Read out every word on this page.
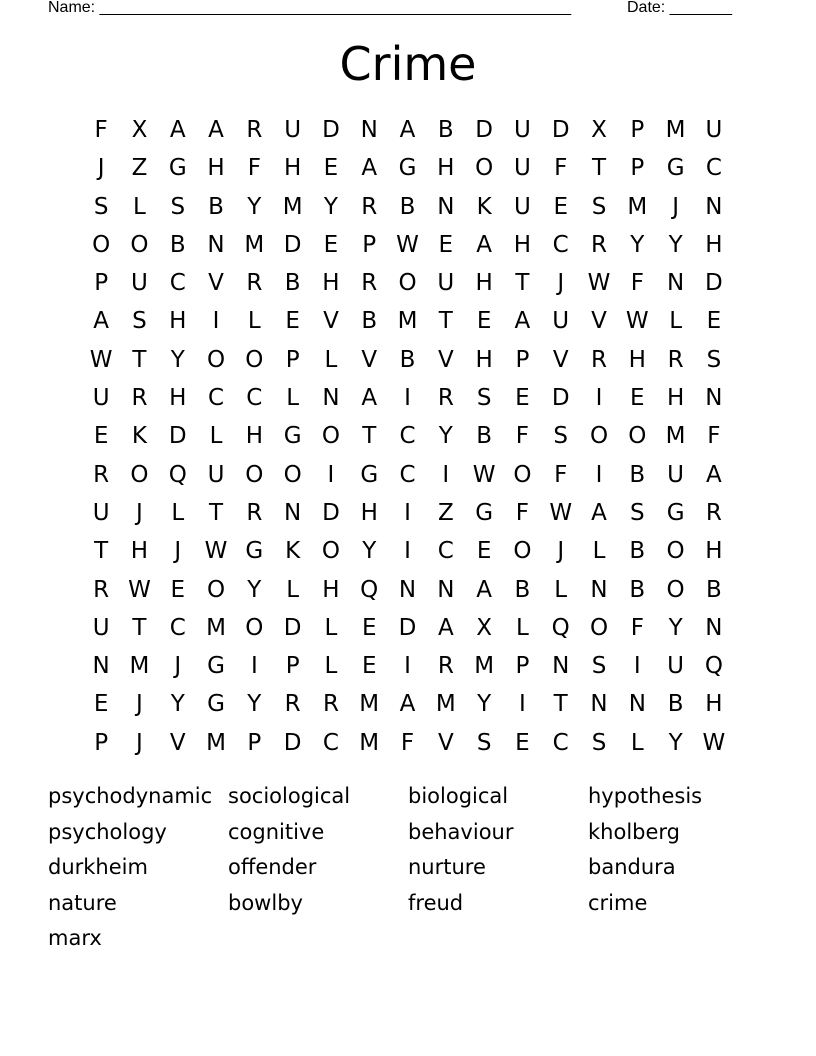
Name: _____________________________________________________	Date: _______
Crime
F	X A A R U D N A B D U D X	P M U
J	Z G H	F	H E	A G H O U	F	T	P G C
S	L	S	B	Y M Y	R B N K U E	S M	J	N
O O B N M D E	P W E	A H C R	Y	Y H
P U C V R B H R O U H T	J	W F	N D
A	S H	I	L	E	V B M T	E	A U V W L	E
W T	Y O O P	L	V B V H P	V R H R	S
U R H C C	L	N A	I	R	S	E D	I	E H N
E	K D	L	H G O T	C	Y	B	F	S O O M F
R O Q U O O	I	G C	I	W O F	I	B U A
U	J	L	T	R N D H	I	Z G F W A	S G R
T H	J	W G K O Y	I	C	E O	J	L	B O H
R W E O Y	L	H Q N N A B	L	N B O B
U T	C M O D	L	E D A X	L Q O F	Y N
N M	J	G	I	P	L	E	I	R M P N S	I	U Q
E	J	Y G Y	R R M A M Y	I	T N N B H
P	J	V M P D C M F	V	S	E C S	L	Y W
psychodynamic sociological	biological	hypothesis
psychology	cognitive	behaviour	kholberg
durkheim	offender	nurture	bandura
nature	bowlby	freud	crime
marx
